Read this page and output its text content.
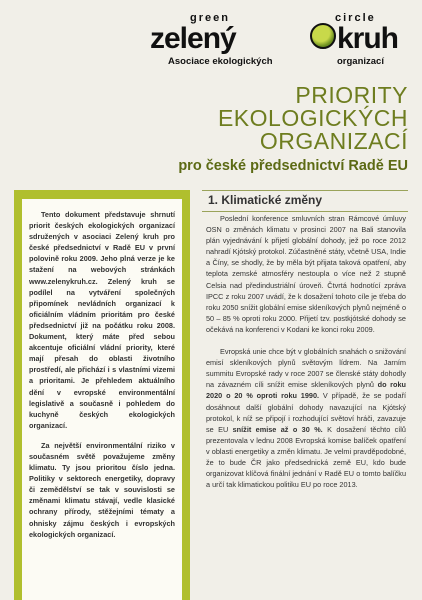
green	circle
zelený	kruh
Asociace ekologických	organizací
PRIORITY
EKOLOGICKÝCH
ORGANIZACÍ
pro české předsednictví Radě EU

Tento dokument představuje shrnutí priorit českých ekologických organizací sdružených v asociaci Zelený kruh pro české předsednictví v Radě EU v první polovině roku 2009. Jeho plná verze je ke stažení na webových stránkách www.zelenykruh.cz. Zelený kruh se podílel na vytváření společných připomínek nevládních organizací k oficiálním vládním prioritám pro české předsednictví již na počátku roku 2008. Dokument, který máte před sebou akcentuje oficiální vládní priority, které mají přesah do oblasti životního prostředí, ale přichází i s vlastními vizemi a prioritami. Je přehledem aktuálního dění v evropské environmentální legislativě a současně i pohledem do kuchyně českých ekologických organizací.

Za největší environmentální riziko v současném světě považujeme změny klimatu. Ty jsou prioritou číslo jedna. Politiky v sektorech energetiky, dopravy či zemědělství se tak v souvislosti se změnami klimatu stávají, vedle klasické ochrany přírody, stěžejními tématy a ohnisky zájmu českých i evropských ekologických organizací.

1. Klimatické změny

Poslední konference smluvních stran Rámcové úmluvy OSN o změnách klimatu v prosinci 2007 na Bali stanovila plán vyjednávání k přijetí globální dohody, jež po roce 2012 nahradí Kjótský protokol. Zúčastněné státy, včetně USA, Indie a Číny, se shodly, že by měla být přijata taková opatření, aby teplota zemské atmosféry nestoupla o více než 2 stupně Celsia nad předindustriální úroveň. Čtvrtá hodnotící zpráva IPCC z roku 2007 uvádí, že k dosažení tohoto cíle je třeba do roku 2050 snížit globální emise skleníkových plynů nejméně o 50 – 85 % oproti roku 2000. Přijetí tzv. postkjótské dohody se očekává na konferenci v Kodani ke konci roku 2009.

Evropská unie chce být v globálních snahách o snižování emisí skleníkových plynů světovým lídrem. Na Jarním summitu Evropské rady v roce 2007 se členské státy dohodly na závazném cíli snížit emise skleníkových plynů do roku 2020 o 20 % oproti roku 1990. V případě, že se podaří dosáhnout další globální dohody navazující na Kjótský protokol, k níž se připojí i rozhodující světoví hráči, zavazuje se EU snížit emise až o 30 %. K dosažení těchto cílů prezentovala v lednu 2008 Evropská komise balíček opatření v oblasti energetiky a změn klimatu. Je velmi pravděpodobné, že to bude ČR jako předsednická země EU, kdo bude organizovat klíčová finální jednání v Radě EU o tomto balíčku a určí tak klimatickou politiku EU po roce 2013.
